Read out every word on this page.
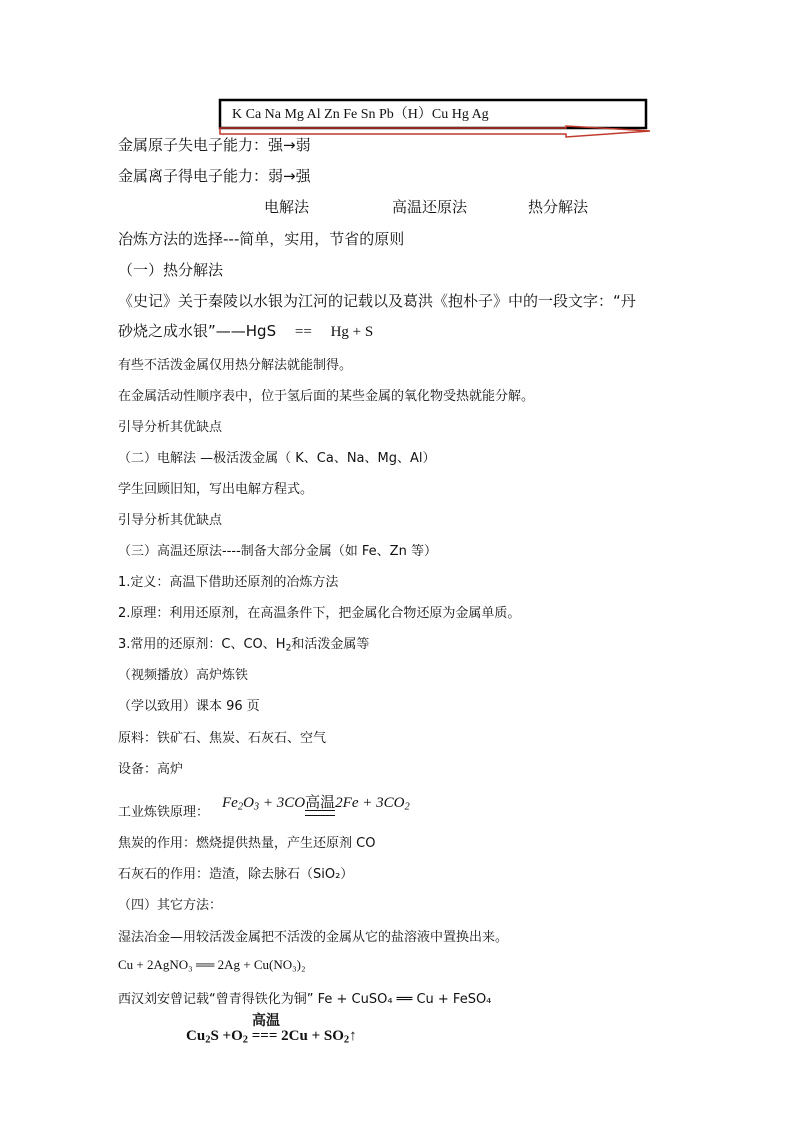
K Ca Na Mg Al Zn Fe Sn Pb（H）Cu Hg Ag
金属原子失电子能力：强→弱
金属离子得电子能力：弱→强
电解法	高温还原法	热分解法
冶炼方法的选择---简单，实用，节省的原则
（一）热分解法
《史记》关于秦陵以水银为江河的记载以及葛洪《抱朴子》中的一段文字：“丹
砂烧之成水银”——HgS == Hg + S
有些不活泼金属仅用热分解法就能制得。
在金属活动性顺序表中，位于氢后面的某些金属的氧化物受热就能分解。
引导分析其优缺点
（二）电解法 —极活泼金属（ K、Ca、Na、Mg、Al）
学生回顾旧知，写出电解方程式。
引导分析其优缺点
（三）高温还原法----制备大部分金属（如 Fe、Zn 等）
1.定义：高温下借助还原剂的冶炼方法
2.原理：利用还原剂，在高温条件下，把金属化合物还原为金属单质。
3.常用的还原剂：C、CO、$H_2$和活泼金属等
（视频播放）高炉炼铁
（学以致用）课本 96 页
原料：铁矿石、焦炭、石灰石、空气
设备：高炉
工业炼铁原理：
$Fe_2O_3 + 3CO$高温
$2Fe + 3CO_2$
焦炭的作用：燃烧提供热量，产生还原剂 CO
石灰石的作用：造渣，除去脉石（SiO₂）
（四）其它方法：
湿法冶金—用较活泼金属把不活泼的金属从它的盐溶液中置换出来。
Cu + 2AgNO₃ ══ 2Ag + Cu(NO₃)₂
西汉刘安曾记载“曾青得铁化为铜” Fe + CuSO₄ ══ Cu + FeSO₄
高温
$Cu_2S +O_2$ === $2Cu + SO_2↑$
